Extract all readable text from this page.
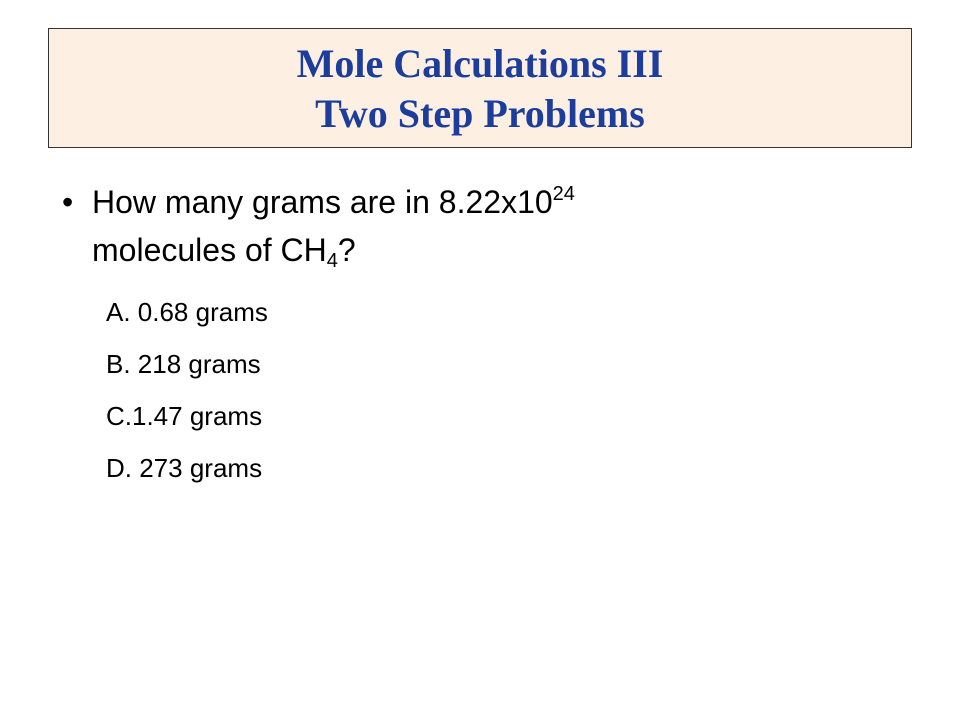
Mole Calculations III
Two Step Problems
• How many grams are in $8.22x10^{24}$
molecules of $CH_4$?
A. 0.68 grams
B. 218 grams
C.1.47 grams
D. 273 grams
